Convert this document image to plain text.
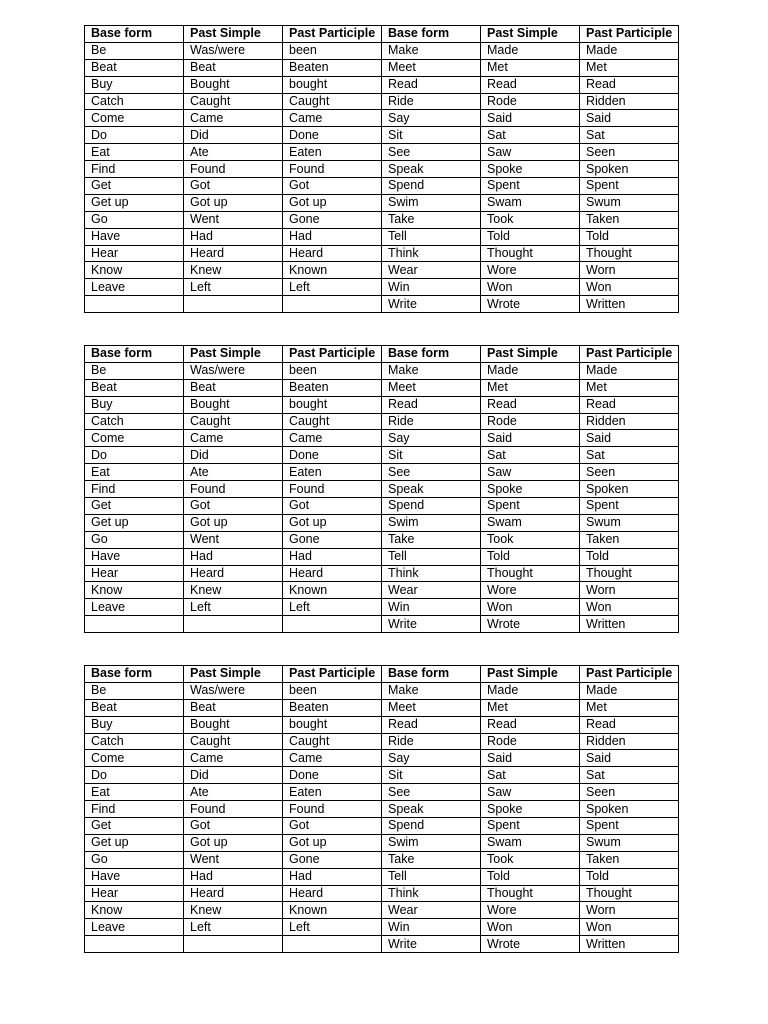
Base form	Past Simple	Past Participle	Base form	Past Simple	Past Participle
Be	Was/were	been	Make	Made	Made
Beat	Beat	Beaten	Meet	Met	Met
Buy	Bought	bought	Read	Read	Read
Catch	Caught	Caught	Ride	Rode	Ridden
Come	Came	Came	Say	Said	Said
Do	Did	Done	Sit	Sat	Sat
Eat	Ate	Eaten	See	Saw	Seen
Find	Found	Found	Speak	Spoke	Spoken
Get	Got	Got	Spend	Spent	Spent
Get up	Got up	Got up	Swim	Swam	Swum
Go	Went	Gone	Take	Took	Taken
Have	Had	Had	Tell	Told	Told
Hear	Heard	Heard	Think	Thought	Thought
Know	Knew	Known	Wear	Wore	Worn
Leave	Left	Left	Win	Won	Won
			Write	Wrote	Written
Base form	Past Simple	Past Participle	Base form	Past Simple	Past Participle
Be	Was/were	been	Make	Made	Made
Beat	Beat	Beaten	Meet	Met	Met
Buy	Bought	bought	Read	Read	Read
Catch	Caught	Caught	Ride	Rode	Ridden
Come	Came	Came	Say	Said	Said
Do	Did	Done	Sit	Sat	Sat
Eat	Ate	Eaten	See	Saw	Seen
Find	Found	Found	Speak	Spoke	Spoken
Get	Got	Got	Spend	Spent	Spent
Get up	Got up	Got up	Swim	Swam	Swum
Go	Went	Gone	Take	Took	Taken
Have	Had	Had	Tell	Told	Told
Hear	Heard	Heard	Think	Thought	Thought
Know	Knew	Known	Wear	Wore	Worn
Leave	Left	Left	Win	Won	Won
			Write	Wrote	Written
Base form	Past Simple	Past Participle	Base form	Past Simple	Past Participle
Be	Was/were	been	Make	Made	Made
Beat	Beat	Beaten	Meet	Met	Met
Buy	Bought	bought	Read	Read	Read
Catch	Caught	Caught	Ride	Rode	Ridden
Come	Came	Came	Say	Said	Said
Do	Did	Done	Sit	Sat	Sat
Eat	Ate	Eaten	See	Saw	Seen
Find	Found	Found	Speak	Spoke	Spoken
Get	Got	Got	Spend	Spent	Spent
Get up	Got up	Got up	Swim	Swam	Swum
Go	Went	Gone	Take	Took	Taken
Have	Had	Had	Tell	Told	Told
Hear	Heard	Heard	Think	Thought	Thought
Know	Knew	Known	Wear	Wore	Worn
Leave	Left	Left	Win	Won	Won
			Write	Wrote	Written
